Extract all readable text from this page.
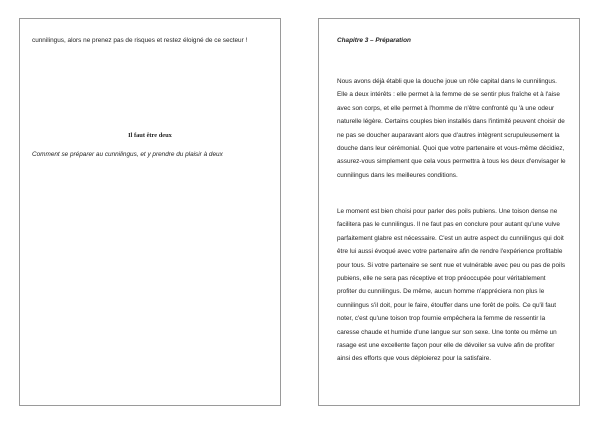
cunnilingus, alors ne prenez pas de risques et restez éloigné de ce secteur !

Il faut être deux

Comment se préparer au cunnilingus, et y prendre du plaisir à deux

Chapitre 3 – Préparation

Nous avons déjà établi que la douche joue un rôle capital dans le cunnilingus. Elle a deux intérêts : elle permet à la femme de se sentir plus fraîche et à l'aise avec son corps, et elle permet à l'homme de n'être confronté qu 'à une odeur naturelle légère. Certains couples bien installés dans l'intimité peuvent choisir de ne pas se doucher auparavant alors que d'autres intègrent scrupuleusement la douche dans leur cérémonial. Quoi que votre partenaire et vous-même décidiez, assurez-vous simplement que cela vous permettra à tous les deux d'envisager le cunnilingus dans les meilleures conditions.

Le moment est bien choisi pour parler des poils pubiens. Une toison dense ne facilitera pas le cunnilingus. Il ne faut pas en conclure pour autant qu'une vulve parfaitement glabre est nécessaire. C'est un autre aspect du cunnilingus qui doit être lui aussi évoqué avec votre partenaire afin de rendre l'expérience profitable pour tous. Si votre partenaire se sent nue et vulnérable avec peu ou pas de poils pubiens, elle ne sera pas réceptive et trop préoccupée pour véritablement profiter du cunnilingus. De même, aucun homme n'appréciera non plus le cunnilingus s'il doit, pour le faire, étouffer dans une forêt de poils. Ce qu'il faut noter, c'est qu'une toison trop fournie empêchera la femme de ressentir la caresse chaude et humide d'une langue sur son sexe. Une tonte ou même un rasage est une excellente façon pour elle de dévoiler sa vulve afin de profiter ainsi des efforts que vous déploierez pour la satisfaire.
